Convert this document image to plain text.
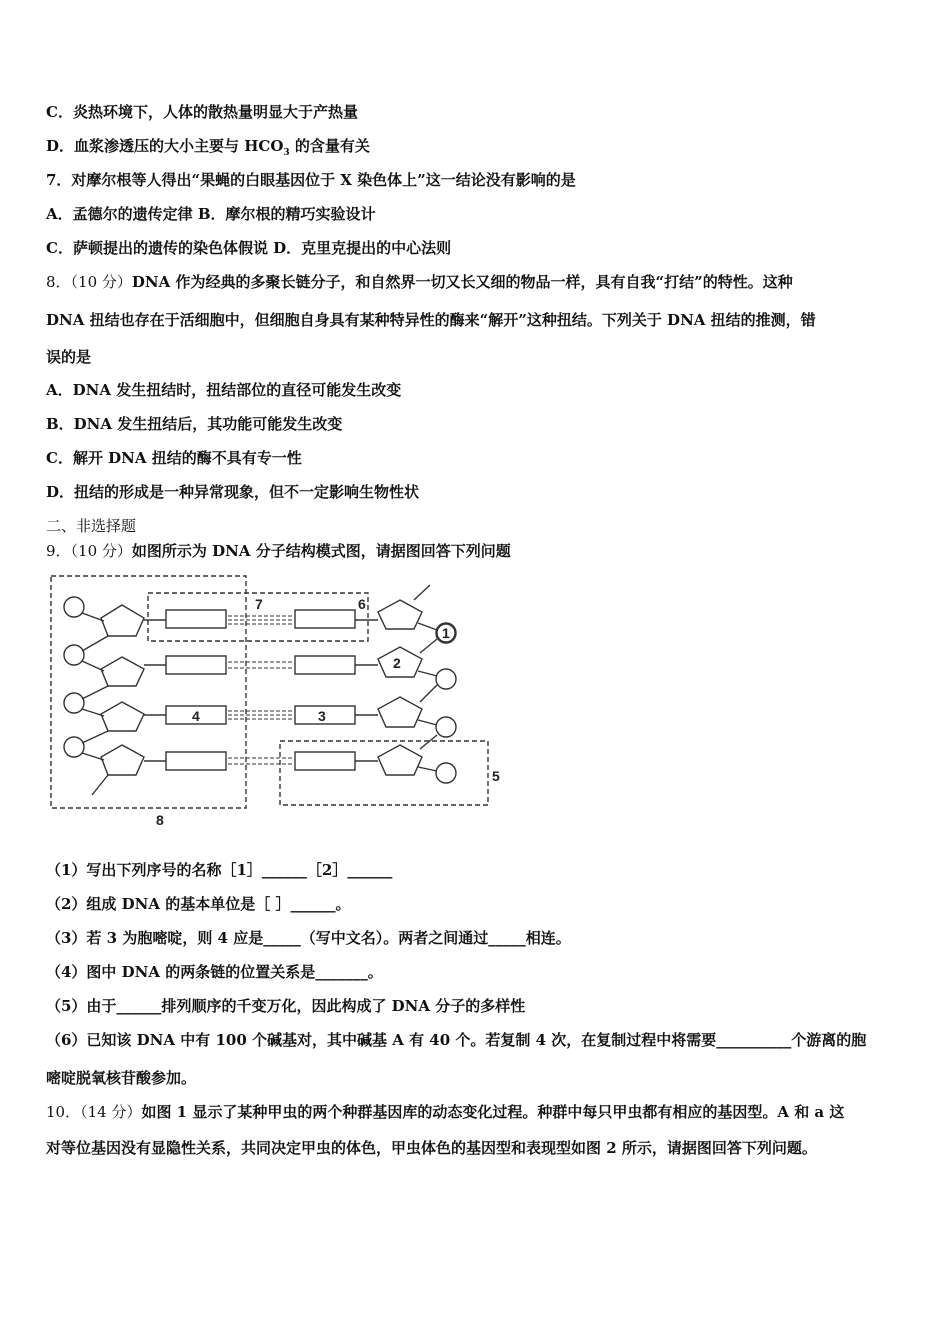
C．炎热环境下，人体的散热量明显大于产热量
D．血浆渗透压的大小主要与 $HCO_3$ 的含量有关
7．对摩尔根等人得出“果蝇的白眼基因位于 X 染色体上”这一结论没有影响的是
A．孟德尔的遗传定律 B．摩尔根的精巧实验设计
C．萨顿提出的遗传的染色体假说 D．克里克提出的中心法则
8．（10 分）DNA 作为经典的多聚长链分子，和自然界一切又长又细的物品一样，具有自我“打结”的特性。这种
DNA 扭结也存在于活细胞中，但细胞自身具有某种特异性的酶来“解开”这种扭结。下列关于 DNA 扭结的推测，错
误的是
A．DNA 发生扭结时，扭结部位的直径可能发生改变
B．DNA 发生扭结后，其功能可能发生改变
C．解开 DNA 扭结的酶不具有专一性
D．扭结的形成是一种异常现象，但不一定影响生物性状
二、非选择题
9．（10 分）如图所示为 DNA 分子结构模式图，请据图回答下列问题
7	6
1
2
3
4
5
8
（1）写出下列序号的名称［1］______［2］______
（2）组成 DNA 的基本单位是［ ］______。
（3）若 3 为胞嘧啶，则 4 应是_____（写中文名）。两者之间通过_____相连。
（4）图中 DNA 的两条链的位置关系是_______。
（5）由于______排列顺序的千变万化，因此构成了 DNA 分子的多样性
（6）已知该 DNA 中有 100 个碱基对，其中碱基 A 有 40 个。若复制 4 次，在复制过程中将需要__________个游离的胞
嘧啶脱氧核苷酸参加。
10．（14 分）如图 1 显示了某种甲虫的两个种群基因库的动态变化过程。种群中每只甲虫都有相应的基因型。A 和 a 这
对等位基因没有显隐性关系，共同决定甲虫的体色，甲虫体色的基因型和表现型如图 2 所示，请据图回答下列问题。
